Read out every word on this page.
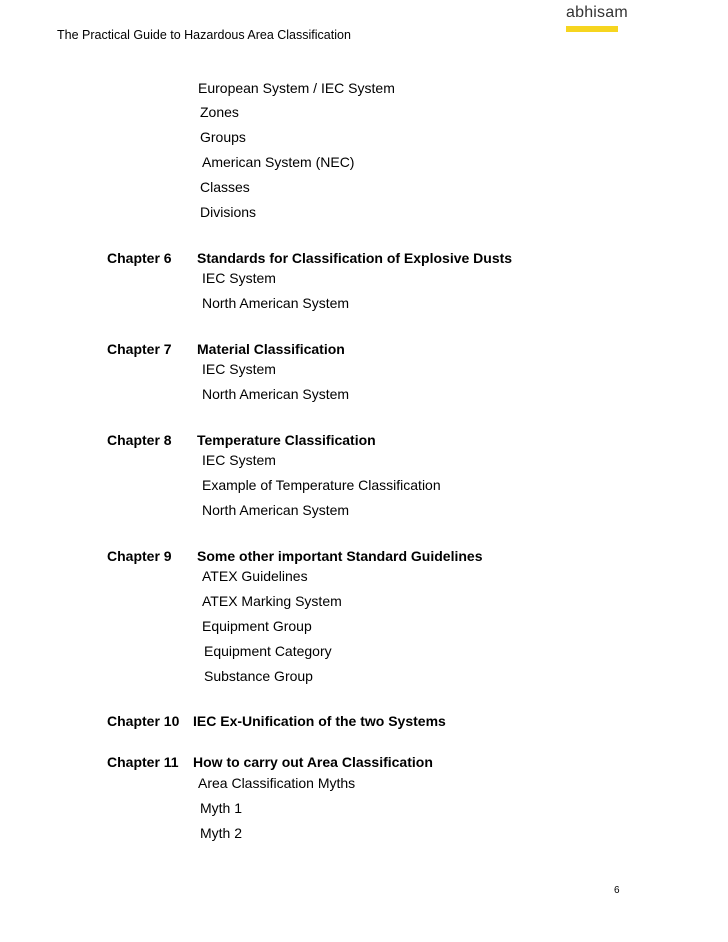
The Practical Guide to Hazardous Area Classification
abhisam
European System / IEC System
Zones
Groups
American System (NEC)
Classes
Divisions
Chapter 6 Standards for Classification of Explosive Dusts
IEC System
North American System
Chapter 7 Material Classification
IEC System
North American System
Chapter 8 Temperature Classification
IEC System
Example of Temperature Classification
North American System
Chapter 9 Some other important Standard Guidelines
ATEX Guidelines
ATEX Marking System
Equipment Group
Equipment Category
Substance Group
Chapter 10 IEC Ex-Unification of the two Systems
Chapter 11 How to carry out Area Classification
Area Classification Myths
Myth 1
Myth 2
6
